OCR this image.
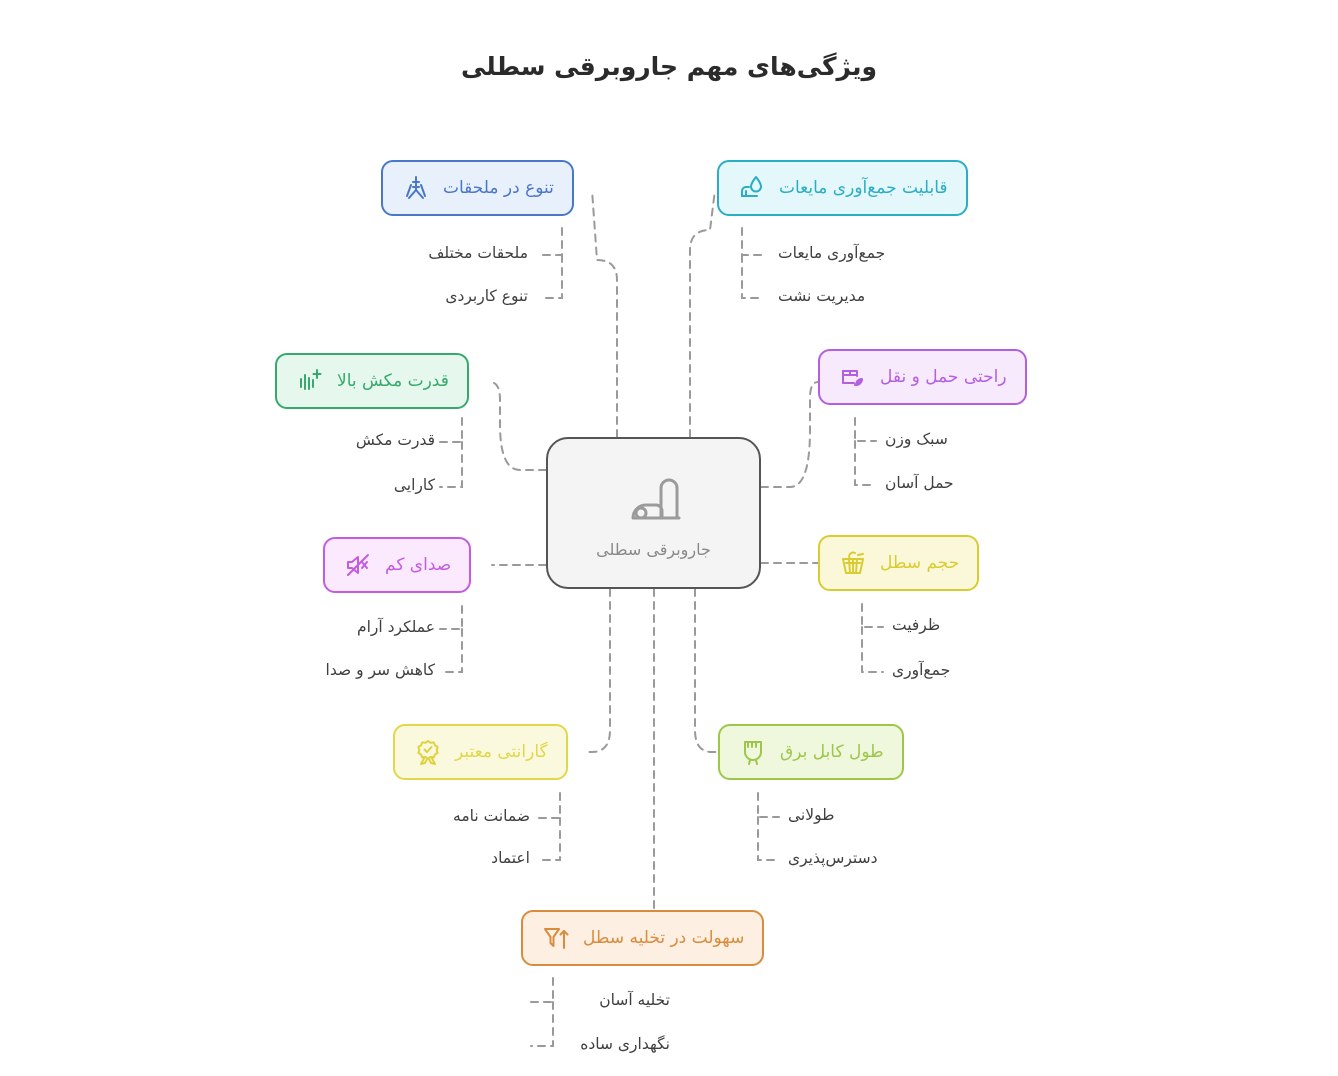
ویژگی‌های مهم جاروبرقی سطلی
جاروبرقی سطلی
تنوع در ملحقات
ملحقات مختلف
تنوع کاربردی
قابلیت جمع‌آوری مایعات
جمع‌آوری مایعات
مدیریت نشت
قدرت مکش بالا
قدرت مکش
کارایی
راحتی حمل و نقل
سبک وزن
حمل آسان
صدای کم
عملکرد آرام
کاهش سر و صدا
حجم سطل
ظرفیت
جمع‌آوری
گارانتی معتبر
ضمانت نامه
اعتماد
طول کابل برق
طولانی
دسترس‌پذیری
سهولت در تخلیه سطل
تخلیه آسان
نگهداری ساده
